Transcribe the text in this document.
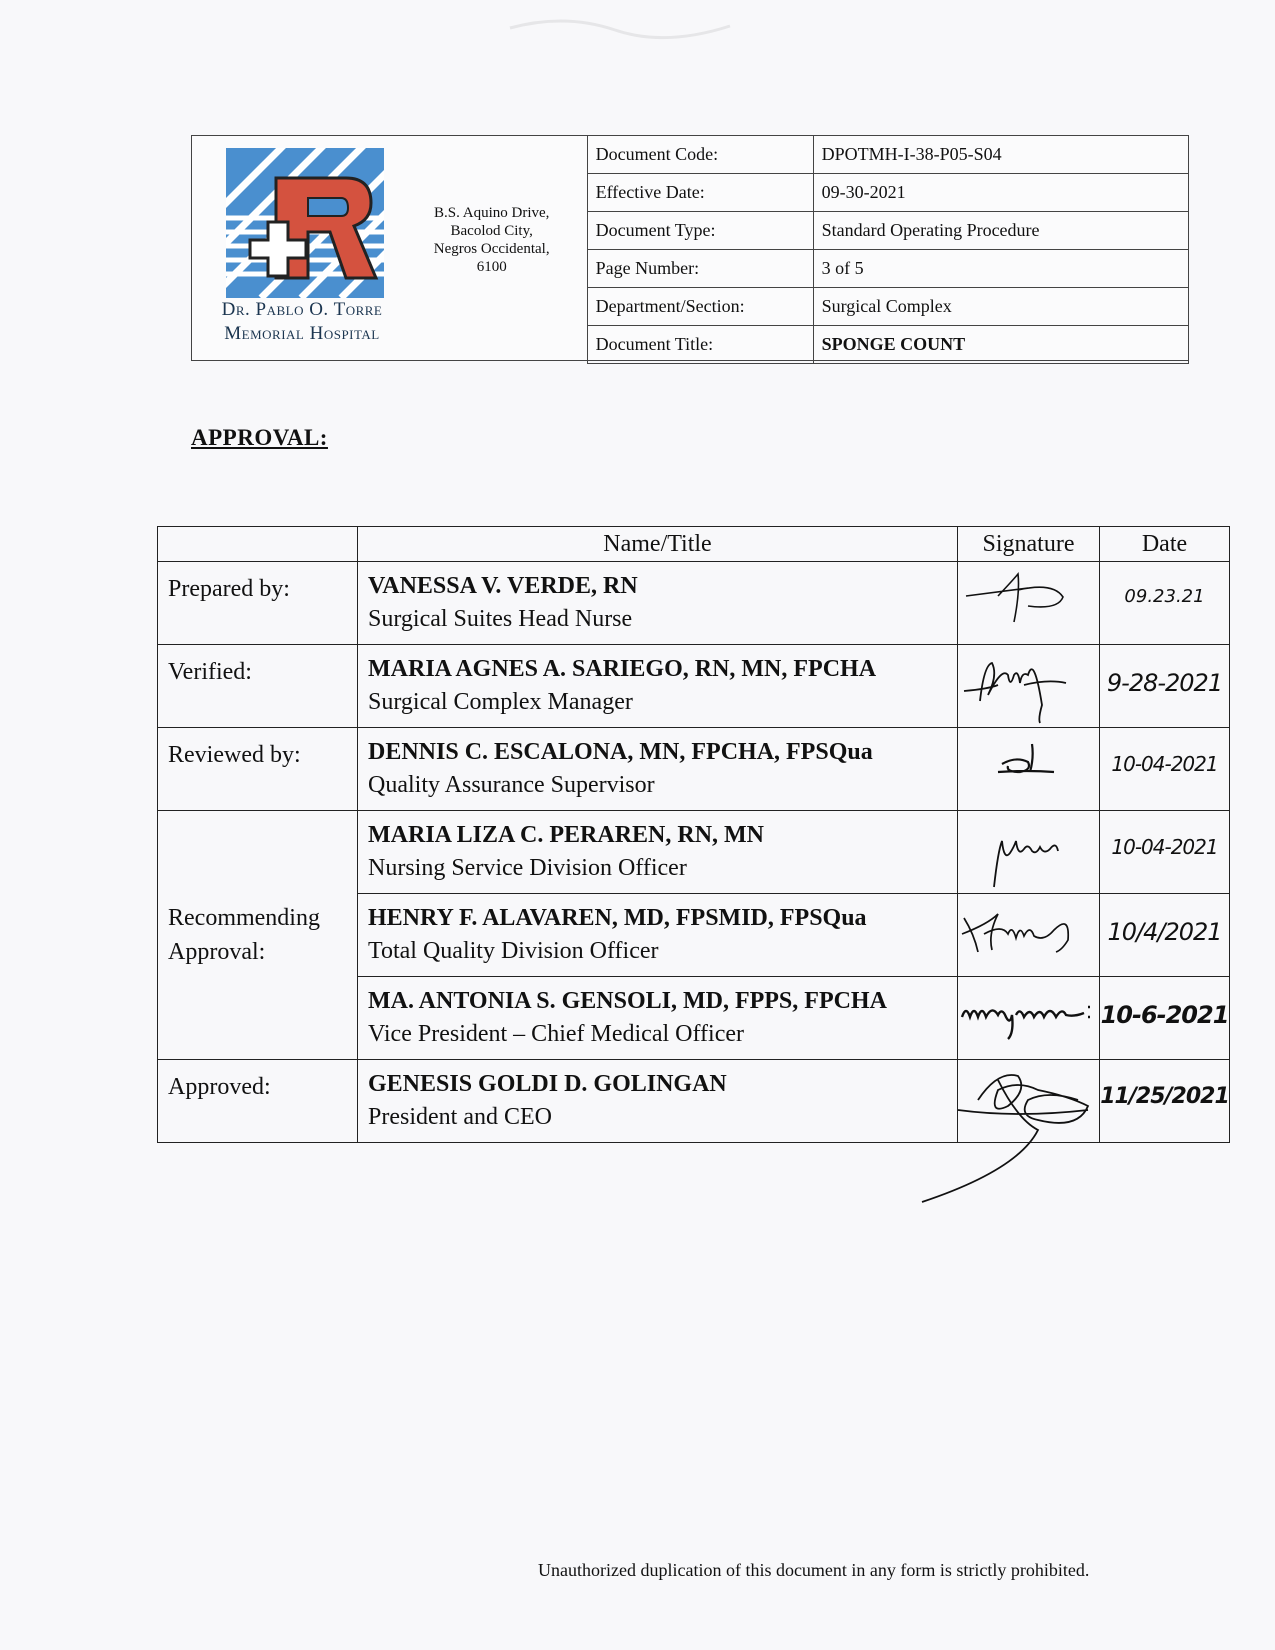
Dr. Pablo O. Torre
Memorial Hospital
B.S. Aquino Drive,
Bacolod City,
Negros Occidental,
6100
Document Code:	DPOTMH-I-38-P05-S04
Effective Date:	09-30-2021
Document Type:	Standard Operating Procedure
Page Number:	3 of 5
Department/Section:	Surgical Complex
Document Title:	SPONGE COUNT
APPROVAL:
	Name/Title	Signature	Date
Prepared by:	VANESSA V. VERDE, RN
Surgical Suites Head Nurse		09.23.21

Verified:	MARIA AGNES A. SARIEGO, RN, MN, FPCHA
Surgical Complex Manager		9-28-2021

Reviewed by:	DENNIS C. ESCALONA, MN, FPCHA, FPSQua
Quality Assurance Supervisor		10-04-2021

Recommending Approval:	MARIA LIZA C. PERAREN, RN, MN
Nursing Service Division Officer		10-04-2021

	HENRY F. ALAVAREN, MD, FPSMID, FPSQua
Total Quality Division Officer		10/4/2021

	MA. ANTONIA S. GENSOLI, MD, FPPS, FPCHA
Vice President – Chief Medical Officer		10-6-2021

Approved:	GENESIS GOLDI D. GOLINGAN
President and CEO		11/25/2021
Unauthorized duplication of this document in any form is strictly prohibited.
